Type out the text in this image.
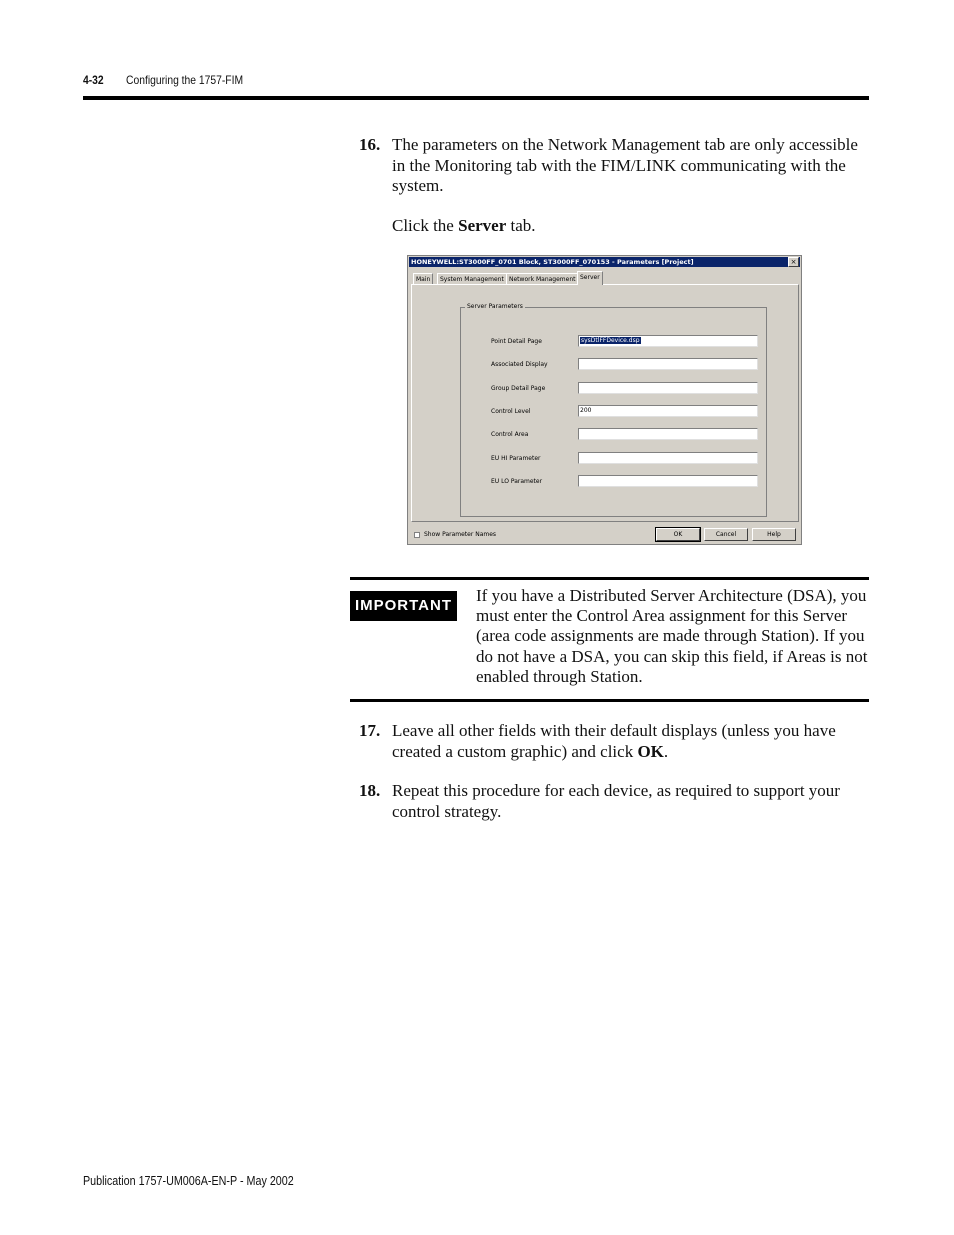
4-32 Configuring the 1757-FIM
16. The parameters on the Network Management tab are only accessible in the Monitoring tab with the FIM/LINK communicating with the system.
Click the Server tab.
HONEYWELL:ST3000FF_0701 Block, ST3000FF_070153 - Parameters [Project]	×
Main	System Management Network Management Server
Server Parameters
Point Detail Page	sysDtlFFDevice.dsp
Associated Display
Group Detail Page
Control Level	200
Control Area
EU HI Parameter
EU LO Parameter
Show Parameter Names	OK	Cancel	Help
IMPORTANT
If you have a Distributed Server Architecture (DSA), you must enter the Control Area assignment for this Server (area code assignments are made through Station). If you do not have a DSA, you can skip this field, if Areas is not enabled through Station.
17. Leave all other fields with their default displays (unless you have created a custom graphic) and click OK.
18. Repeat this procedure for each device, as required to support your control strategy.
Publication 1757-UM006A-EN-P - May 2002
